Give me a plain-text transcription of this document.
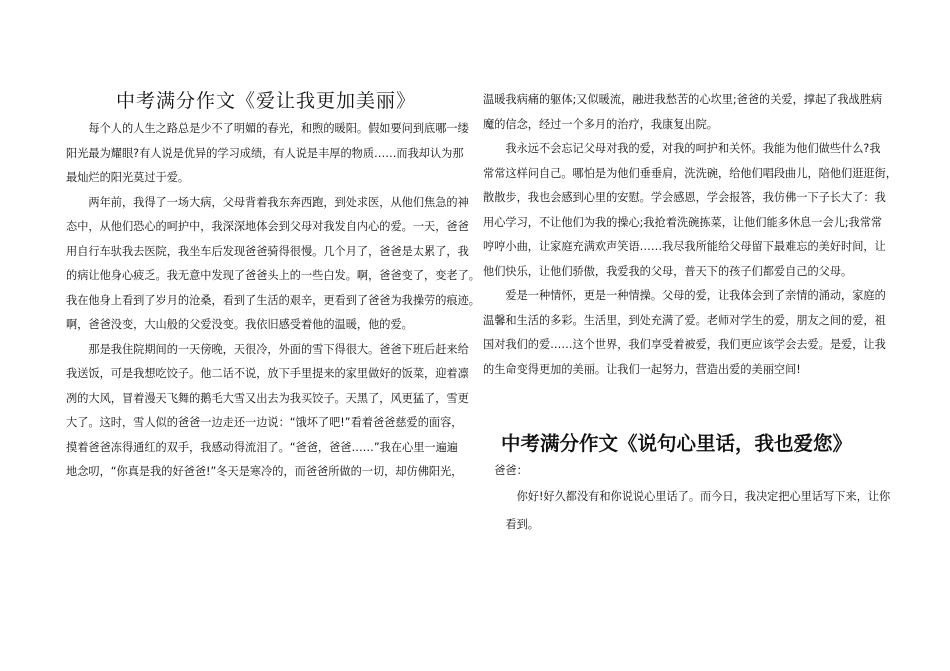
中考满分作文《爱让我更加美丽》
　　每个人的人生之路总是少不了明媚的春光，和煦的暖阳。假如要问到底哪一缕
阳光最为耀眼?有人说是优异的学习成绩，有人说是丰厚的物质……而我却认为那
最灿烂的阳光莫过于爱。
　　两年前，我得了一场大病，父母背着我东奔西跑，到处求医，从他们焦急的神
态中，从他们恐心的呵护中，我深深地体会到父母对我发自内心的爱。一天，爸爸
用自行车驮我去医院，我坐车后发现爸爸骑得很慢。几个月了，爸爸是太累了，我
的病让他身心疲乏。我无意中发现了爸爸头上的一些白发。啊，爸爸变了，变老了。
我在他身上看到了岁月的沧桑，看到了生活的艰辛，更看到了爸爸为我操劳的痕迹。
啊，爸爸没变，大山般的父爱没变。我依旧感受着他的温暖，他的爱。
　　那是我住院期间的一天傍晚，天很冷，外面的雪下得很大。爸爸下班后赶来给
我送饭，可是我想吃饺子。他二话不说，放下手里提来的家里做好的饭菜，迎着凛
冽的大风，冒着漫天飞舞的鹅毛大雪又出去为我买饺子。天黑了，风更猛了，雪更
大了。这时，雪人似的爸爸一边走还一边说：“饿坏了吧!”看着爸爸慈爱的面容，
摸着爸爸冻得通红的双手，我感动得流泪了。“爸爸，爸爸……”我在心里一遍遍
地念叨，“你真是我的好爸爸!”冬天是寒冷的，而爸爸所做的一切，却仿佛阳光，
温暖我病痛的躯体;又似暖流，融进我愁苦的心坎里;爸爸的关爱，撑起了我战胜病
魔的信念，经过一个多月的治疗，我康复出院。
　　我永远不会忘记父母对我的爱，对我的呵护和关怀。我能为他们做些什么?我
常常这样问自己。哪怕是为他们垂垂肩，洗洗碗，给他们唱段曲儿，陪他们逛逛街，
散散步，我也会感到心里的安慰。学会感恩，学会报答，我仿佛一下子长大了：我
用心学习，不让他们为我的操心;我抢着洗碗拣菜，让他们能多休息一会儿;我常常
哼哼小曲，让家庭充满欢声笑语……我尽我所能给父母留下最难忘的美好时间，让
他们快乐，让他们骄傲，我爱我的父母，普天下的孩子们都爱自己的父母。
　　爱是一种情怀，更是一种情操。父母的爱，让我体会到了亲情的涌动，家庭的
温馨和生活的多彩。生活里，到处充满了爱。老师对学生的爱，朋友之间的爱，祖
国对我们的爱……这个世界，我们享受着被爱，我们更应该学会去爱。是爱，让我
的生命变得更加的美丽。让我们一起努力，营造出爱的美丽空间!
中考满分作文《说句心里话，我也爱您》
　爸爸：
　　　你好!好久都没有和你说说心里话了。而今日，我决定把心里话写下来，让你
　　看到。
